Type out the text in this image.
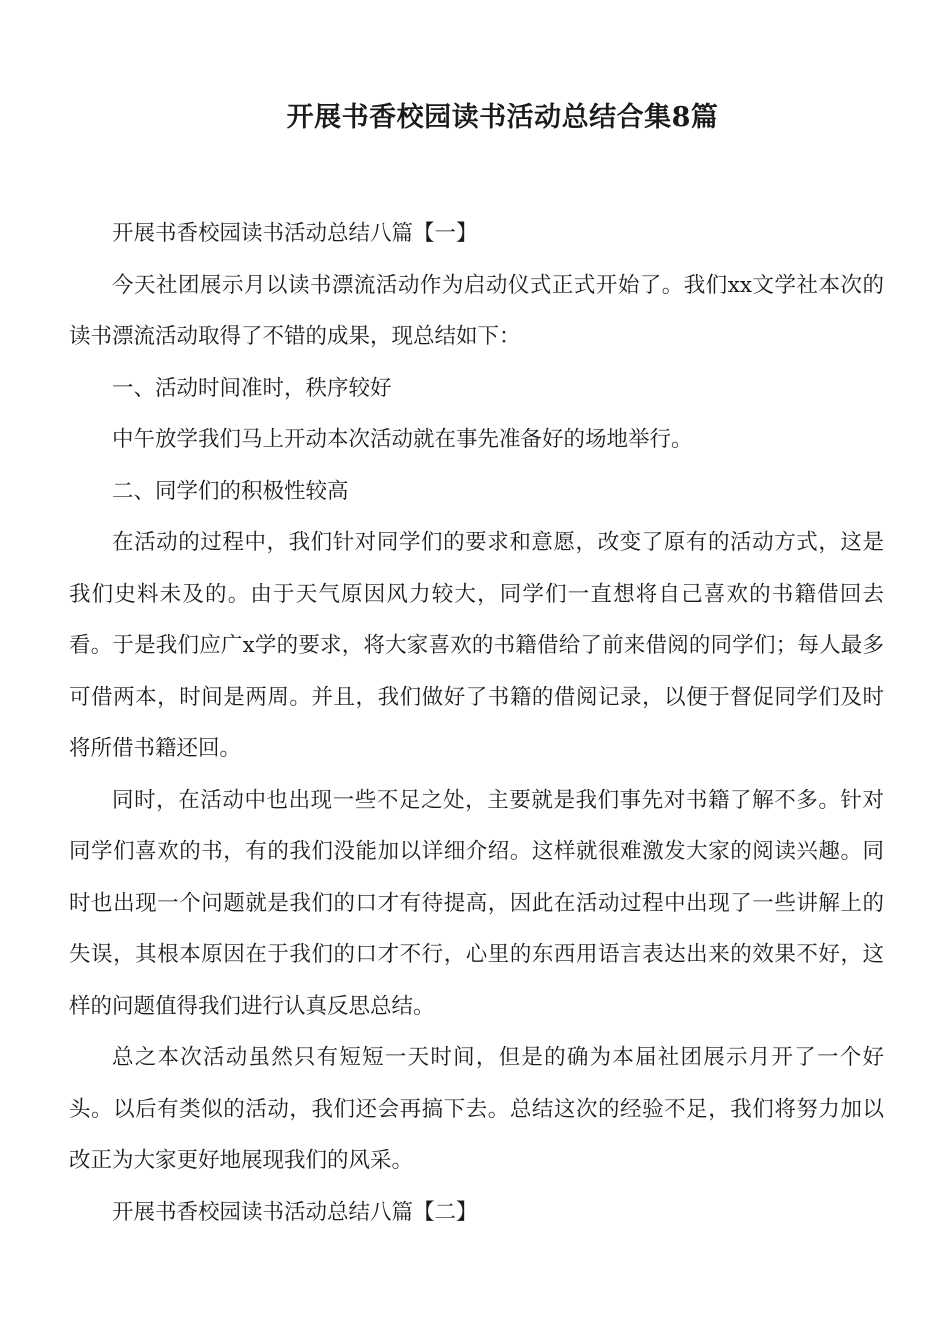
开展书香校园读书活动总结合集8篇

开展书香校园读书活动总结八篇【一】

今天社团展示月以读书漂流活动作为启动仪式正式开始了。我们xx文学社本次的读书漂流活动取得了不错的成果，现总结如下：

一、活动时间准时，秩序较好

中午放学我们马上开动本次活动就在事先准备好的场地举行。

二、同学们的积极性较高

在活动的过程中，我们针对同学们的要求和意愿，改变了原有的活动方式，这是我们史料未及的。由于天气原因风力较大，同学们一直想将自己喜欢的书籍借回去看。于是我们应广x学的要求，将大家喜欢的书籍借给了前来借阅的同学们；每人最多可借两本，时间是两周。并且，我们做好了书籍的借阅记录，以便于督促同学们及时将所借书籍还回。

同时，在活动中也出现一些不足之处，主要就是我们事先对书籍了解不多。针对同学们喜欢的书，有的我们没能加以详细介绍。这样就很难激发大家的阅读兴趣。同时也出现一个问题就是我们的口才有待提高，因此在活动过程中出现了一些讲解上的失误，其根本原因在于我们的口才不行，心里的东西用语言表达出来的效果不好，这样的问题值得我们进行认真反思总结。

总之本次活动虽然只有短短一天时间，但是的确为本届社团展示月开了一个好头。以后有类似的活动，我们还会再搞下去。总结这次的经验不足，我们将努力加以改正为大家更好地展现我们的风采。

开展书香校园读书活动总结八篇【二】
